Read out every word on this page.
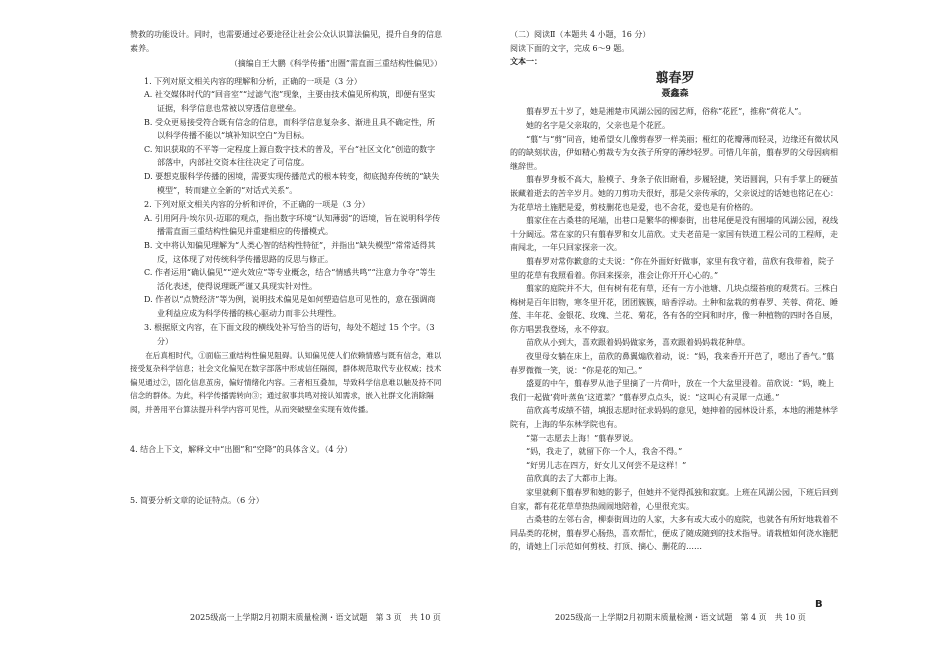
赞救的功能设计。同时，也需要通过必要途径让社会公众认识算法偏见，提升自身的信息素养。

（摘编自王大鹏《科学传播“出圈”需直面三重结构性偏见》）

1. 下列对原文相关内容的理解和分析，正确的一项是（3 分）

A. 社交媒体时代的“回音室”“过滤气泡”现象，主要由技术偏见所构筑，即便有坚实证据，科学信息也常被以穿透信息壁垒。

B. 受众更易接受符合既有信念的信息，而科学信息复杂多、渐进且具不确定性，所以科学传播不能以“填补知识空白”为目标。

C. 知识获取的不平等一定程度上源自数字技术的普及，平台“社区文化”创造的数字部落中，内部社交资本往往决定了可信度。

D. 要想克服科学传播的困境，需要实现传播范式的根本转变，彻底抛弃传统的“缺失模型”，转而建立全新的“对话式关系”。

2. 下列对原文相关内容的分析和评价，不正确的一项是（3 分）

A. 引用阿丹·埃尔贝-迈耶的观点，指出数字环境“认知薄弱”的语境，旨在说明科学传播需直面三重结构性偏见并重建相应的传播模式。

B. 文中将认知偏见理解为“人类心智的结构性特征”，并指出“缺失模型”常常适得其反，这体现了对传统科学传播思路的反思与修正。

C. 作者运用“确认偏见”“逆火效应”等专业概念，结合“情感共鸣”“注意力争夺”等生活化表述，使得说理既严谨又具现实针对性。

D. 作者以“点赞经济”等为例，说明技术偏见是如何塑造信息可见性的，意在强调商业利益应成为科学传播的核心驱动力而非公共理性。

3. 根据原文内容，在下面文段的横线处补写恰当的语句，每处不超过 15 个字。（3 分）

在后真相时代，①面临三重结构性偏见阻碍。认知偏见使人们依赖情感与既有信念，难以接受复杂科学信息；社会文化偏见在数字部落中形成信任隔阂，群体规范取代专业权威；技术偏见通过②，固化信息茧房，偏好情绪化内容。三者相互叠加，导致科学信息难以触及持不同信念的群体。为此，科学传播需转向③；通过叙事共鸣对接认知需求，嵌入社群文化消除隔阂，并善用平台算法提升科学内容可见性，从而突破壁垒实现有效传播。

4. 结合上下文，解释文中“出圈”和“空降”的具体含义。（4 分）

5. 简要分析文章的论证特点。（6 分）

（二）阅读Ⅱ（本题共 4 小题，16 分）

阅读下面的文字，完成 6～9 题。

文本一：

翦春罗

聂鑫森

翦春罗五十岁了，她是湘楚市风湖公园的园艺师，俗称“花匠”，推称“荷花人”。

她的名字是父亲取的，父亲也是个花匠。

“翦”与“剪”同音，她希望女儿像剪春罗一样美丽；桠红的花瓣薄而轻灵，边缘还有微状风的的缺刻状齿，伊如精心剪裁专为女孩子所穿的薄纱轻罗。可惜几年前，翦春罗的父母因病相继辞世。

翦春罗身板不高大，脸模子、身条子依旧耐看，步履轻捷，笑语圆润，只有手掌上的硬茧嵌藏着逝去的苦辛岁月。她的刀剪功夫很好，那是父亲传承的，父亲说过的话她也铭记在心：为花草培土施肥是爱，剪枝删花也是爱，也不舍花，爱也是有价格的。

翦家住在古桑巷的尾端，出巷口是繁华的柳泰街，出巷尾便是没有围墙的风湖公园，视线十分阔远。常在家的只有翦春罗和女儿苗欣。丈夫老苗是一家国有铁道工程公司的工程师，走南闯北，一年只回家探亲一次。

翦春罗对常你歉意的丈夫说：“你在外面好好做事，家里有我守着，苗欣有我带着，院子里的花草有我照看着。你回来探亲，准会让你开开心心的。”

翦家的庭院并不大，但有树有花有草，还有一方小池塘、几块点缀苔痕的观赏石。三株白梅树是百年旧物，寒冬里开花，团团簇簇，暗香浮动。土种和盆栽的剪春罗、芙蓉、荷花、睡莲、丰年花、金银花、玫瑰、兰花、菊花，各有各的空间和时序，像一种植物的四时各自展，你方唱罢我登场，永不停寂。

苗欣从小到大，喜欢跟着妈妈做家务，喜欢跟着妈妈栽花种草。

夜里母女躺在床上，苗欣的鼻翼煽欣着动，说：“妈，我来香开开芭了，嗯出了香气。”翦春罗微微一笑，说：“你是花的知己。”

盛夏的中午，翦春罗从池子里摘了一片荷叶，放在一个大盆里浸着。苗欣说：“妈，晚上我们一起做‘荷叶蒸鱼’这道菜？”翦春罗点点头，说：“这叫心有灵犀一点通。”

苗欣高考成绩不错，填报志愿时征求妈妈的意见，她抻着的园林设计系，本地的湘楚林学院有，上海的华东林学院也有。

“第一志愿去上海！”翦春罗说。

“妈，我走了，就留下你一个人，我舍不得。”

“好男儿志在四方，好女儿又何尝不是这样！”

苗欣真的去了大都市上海。

家里就剩下翦春罗和她的影子，但她并不觉得孤独和寂寞。上班在风湖公园，下班后回到自家，都有花花草草热热闹闹地陪着，心里很充实。

古桑巷的左邻右舍，柳泰街周边的人家，大多有或大或小的庭院，也就各有所好地栽着不同品类的花树，翦春罗心肠热，喜欢帮忙，便成了随成随到的技术指导。请栽植如何浇水施肥的，请她上门示范如何剪枝、打顶、摘心、删花的……

2025级高一上学期2月初期末质量检测・语文试题　第 3 页　共 10 页	2025级高一上学期2月初期末质量检测・语文试题　第 4 页　共 10 页
B
